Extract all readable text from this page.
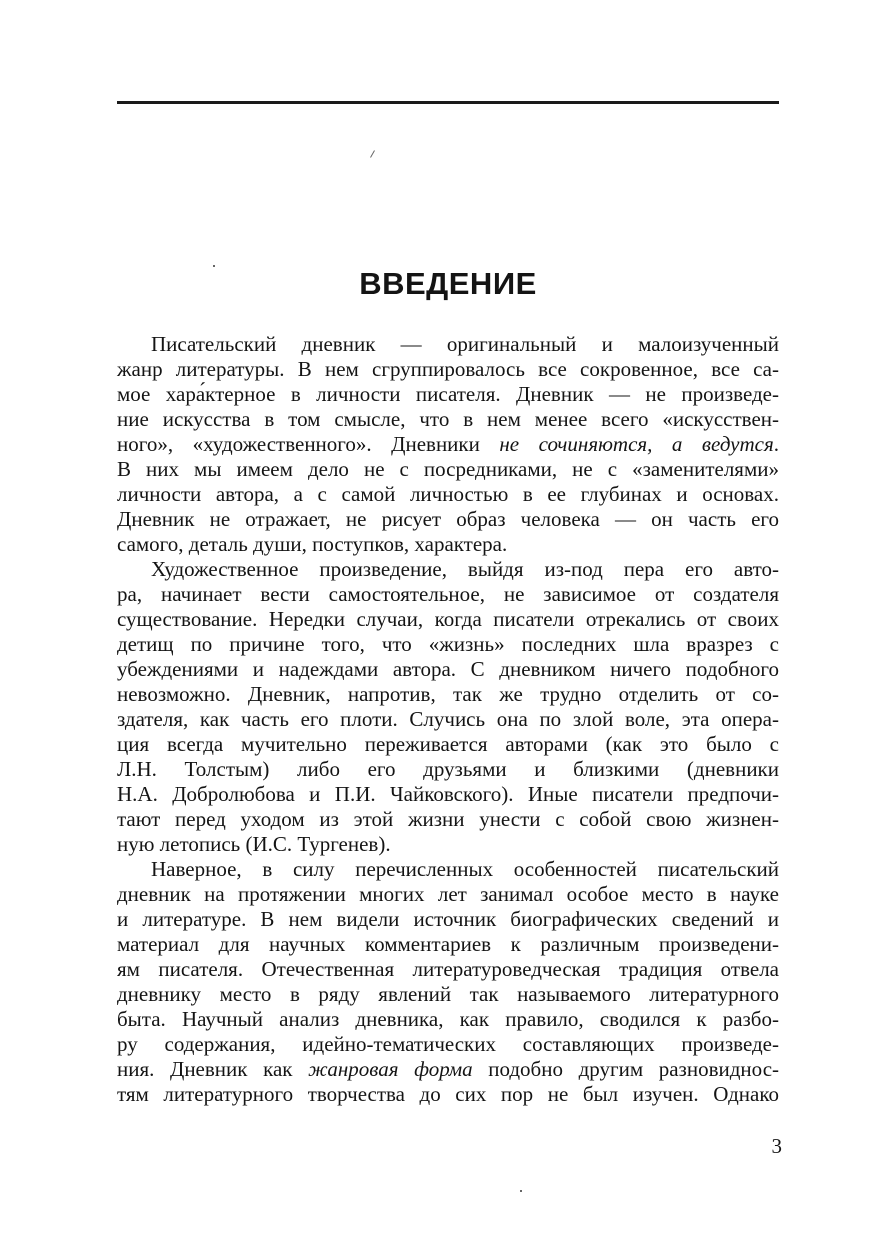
ВВЕДЕНИЕ

Писательский дневник — оригинальный и малоизученный
жанр литературы. В нем сгруппировалось все сокровенное, все са-
мое хара́ктерное в личности писателя. Дневник — не произведе-
ние искусства в том смысле, что в нем менее всего «искусствен-
ного», «художественного». Дневники не сочиняются, а ведутся.
В них мы имеем дело не с посредниками, не с «заменителями»
личности автора, а с самой личностью в ее глубинах и основах.
Дневник не отражает, не рисует образ человека — он часть его
самого, деталь души, поступков, характера.

Художественное произведение, выйдя из-под пера его авто-
ра, начинает вести самостоятельное, не зависимое от создателя
существование. Нередки случаи, когда писатели отрекались от своих
детищ по причине того, что «жизнь» последних шла вразрез с
убеждениями и надеждами автора. С дневником ничего подобного
невозможно. Дневник, напротив, так же трудно отделить от со-
здателя, как часть его плоти. Случись она по злой воле, эта опера-
ция всегда мучительно переживается авторами (как это было с
Л.Н. Толстым) либо его друзьями и близкими (дневники
Н.А. Добролюбова и П.И. Чайковского). Иные писатели предпочи-
тают перед уходом из этой жизни унести с собой свою жизнен-
ную летопись (И.С. Тургенев).

Наверное, в силу перечисленных особенностей писательский
дневник на протяжении многих лет занимал особое место в науке
и литературе. В нем видели источник биографических сведений и
материал для научных комментариев к различным произведени-
ям писателя. Отечественная литературоведческая традиция отвела
дневнику место в ряду явлений так называемого литературного
быта. Научный анализ дневника, как правило, сводился к разбо-
ру содержания, идейно-тематических составляющих произведе-
ния. Дневник как жанровая форма подобно другим разновиднос-
тям литературного творчества до сих пор не был изучен. Однако

3
